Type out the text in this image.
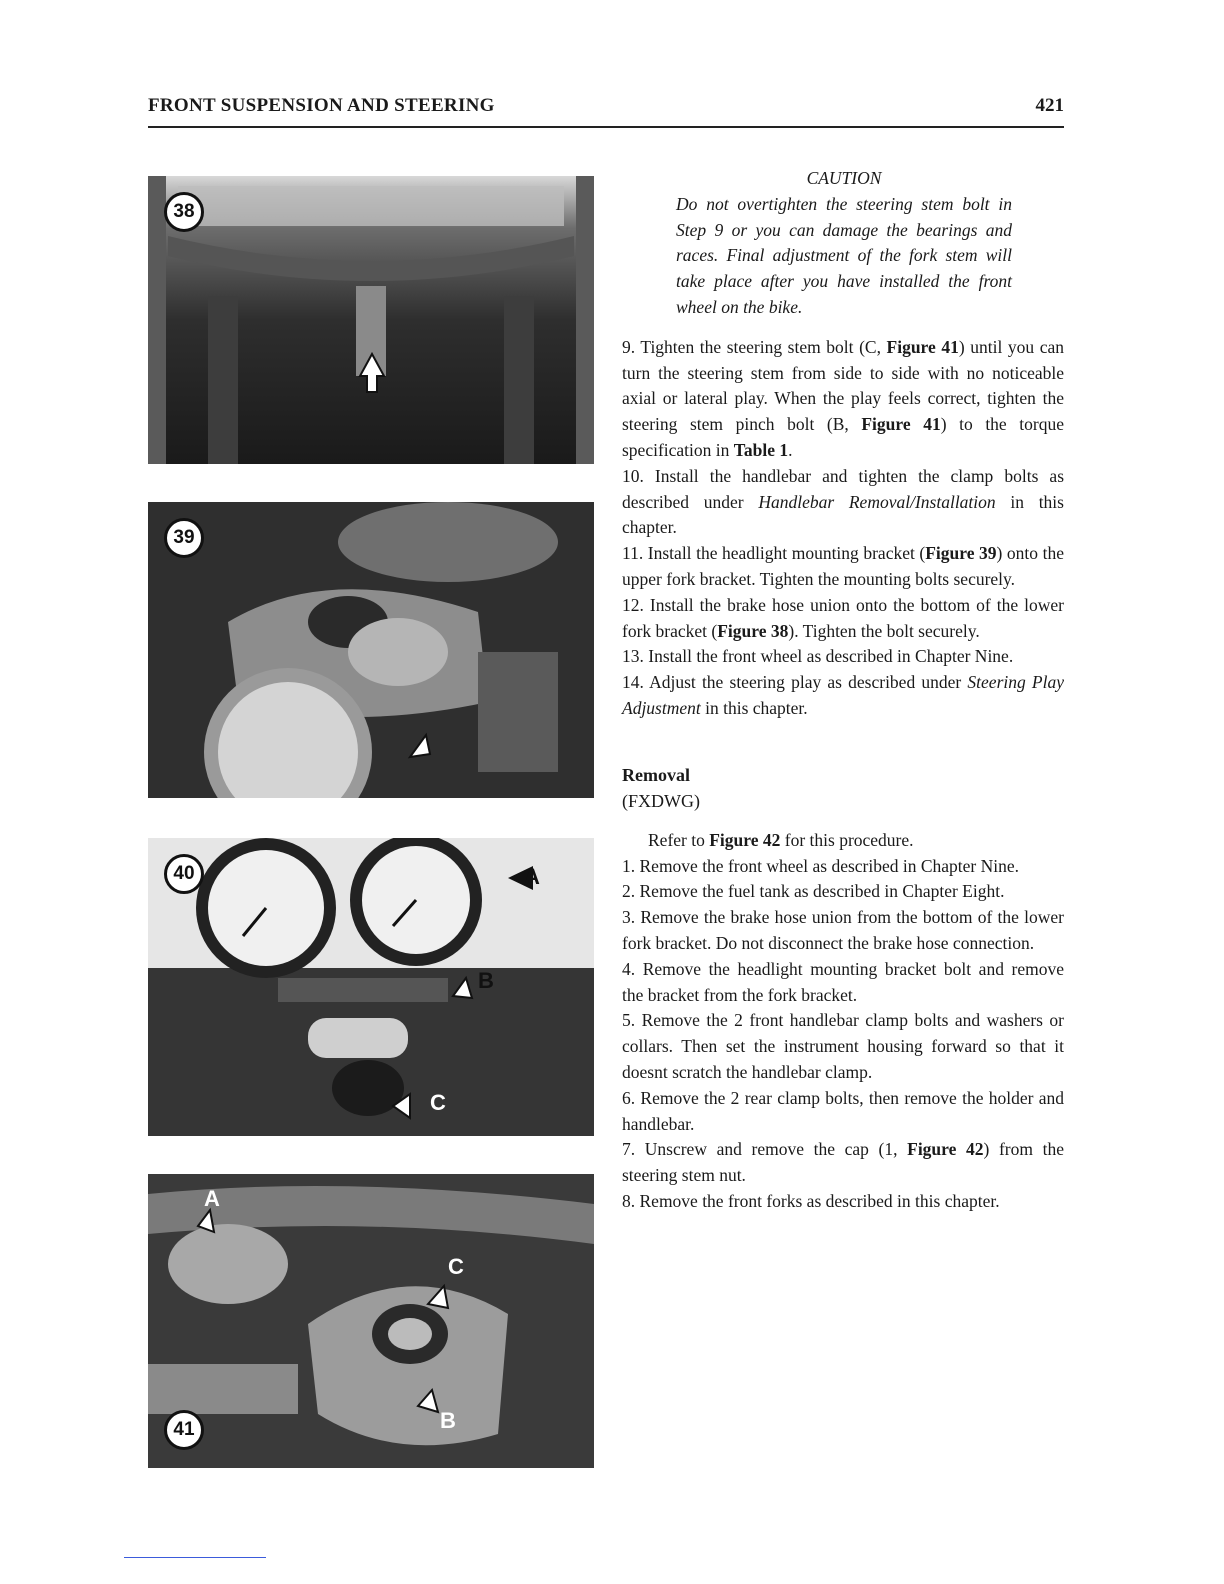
FRONT SUSPENSION AND STEERING	421
38
39
40	A
B
C
41
A
C
B
CAUTION
Do not overtighten the steering stem bolt in Step 9 or you can damage the bearings and races. Final adjustment of the fork stem will take place after you have installed the front wheel on the bike.

9. Tighten the steering stem bolt (C, Figure 41) until you can turn the steering stem from side to side with no noticeable axial or lateral play. When the play feels correct, tighten the steering stem pinch bolt (B, Figure 41) to the torque specification in Table 1.

10. Install the handlebar and tighten the clamp bolts as described under Handlebar Removal/Installation in this chapter.

11. Install the headlight mounting bracket (Figure 39) onto the upper fork bracket. Tighten the mounting bolts securely.

12. Install the brake hose union onto the bottom of the lower fork bracket (Figure 38). Tighten the bolt securely.

13. Install the front wheel as described in Chapter Nine.

14. Adjust the steering play as described under Steering Play Adjustment in this chapter.

Removal
(FXDWG)

Refer to Figure 42 for this procedure.

1. Remove the front wheel as described in Chapter Nine.

2. Remove the fuel tank as described in Chapter Eight.

3. Remove the brake hose union from the bottom of the lower fork bracket. Do not disconnect the brake hose connection.

4. Remove the headlight mounting bracket bolt and remove the bracket from the fork bracket.

5. Remove the 2 front handlebar clamp bolts and washers or collars. Then set the instrument housing forward so that it doesnt scratch the handlebar clamp.

6. Remove the 2 rear clamp bolts, then remove the holder and handlebar.

7. Unscrew and remove the cap (1, Figure 42) from the steering stem nut.

8. Remove the front forks as described in this chapter.
